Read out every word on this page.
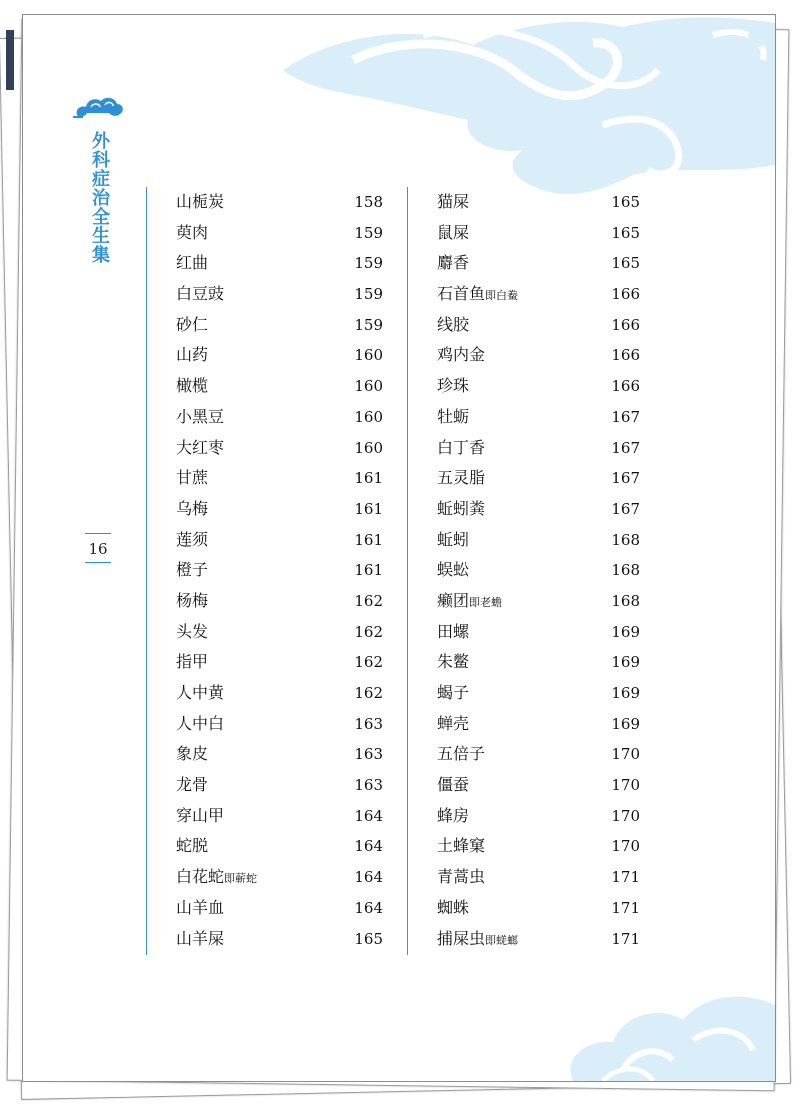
外科症治全生集
16
山栀炭	158
萸肉	159
红曲	159
白豆豉	159
砂仁	159
山药	160
橄榄	160
小黑豆	160
大红枣	160
甘蔗	161
乌梅	161
莲须	161
橙子	161
杨梅	162
头发	162
指甲	162
人中黄	162
人中白	163
象皮	163
龙骨	163
穿山甲	164
蛇脱	164
白花蛇即蕲蛇	164
山羊血	164
山羊屎	165
猫屎	165
鼠屎	165
麝香	165
石首鱼即白鲞	166
线胶	166
鸡内金	166
珍珠	166
牡蛎	167
白丁香	167
五灵脂	167
蚯蚓粪	167
蚯蚓	168
蜈蚣	168
癞团即老蟾	168
田螺	169
朱鳖	169
蝎子	169
蝉壳	169
五倍子	170
僵蚕	170
蜂房	170
土蜂窠	170
青蒿虫	171
蜘蛛	171
捕屎虫即蜣螂	171
